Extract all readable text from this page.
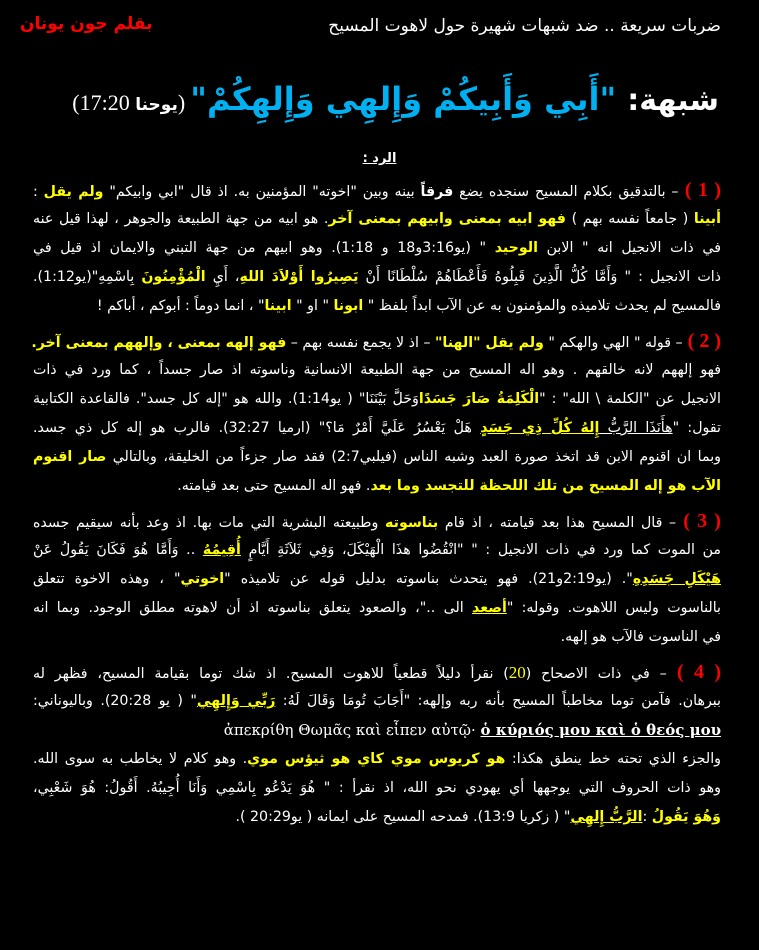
ضربات سريعة .. ضد شبهات شهيرة حول لاهوت المسيح
بقلم جون يونان
شبهة: "أَبِي وَأَبِيكُمْ وَإِلهِي وَإِلهِكُمْ" (يوحنا 17:20)
الرد :
( 1 ) – بالتدقيق بكلام المسيح سنجده يضع فرقاً بينه وبين "اخوته" المؤمنين به. اذ قال "ابي وابيكم" ولم يقل :
أبينا ( جامعاً نفسه بهم ) فهو ابيه بمعنى وابيهم بمعنى آخر. هو ابيه من جهة الطبيعة والجوهر ، لهذا قيل عنه
في ذات الانجيل انه " الابن الوحيد " (يو3:16و18 و 1:18). وهو ابيهم من جهة التبني والايمان اذ قيل في
ذات الانجيل : " وَأَمَّا كُلُّ الَّذِينَ قَبِلُوهُ فَأَعْطَاهُمْ سُلْطَانًا أَنْ يَصِيرُوا أَوْلاَدَ اللهِ، أَيِ الْمُؤْمِنُونَ بِاسْمِهِ"(يو1:12).
فالمسيح لم يحدث تلاميذه والمؤمنون به عن الآب ابداً بلفظ " ابونا " او " ابينا" ، انما دوماً : أبوكم ، أباكم !
( 2 ) – قوله " الهي والهكم " ولم يقل "الهنا" – اذ لا يجمع نفسه بهم – فهو إلهه بمعنى ، وإلههم بمعنى آخر.
فهو إلههم لانه خالقهم . وهو اله المسيح من جهة الطبيعة الانسانية وناسوته اذ صار جسداً ، كما ورد في ذات
الانجيل عن "الكلمة \ الله" : "الْكَلِمَةُ صَارَ جَسَدًاوَحَلَّ بَيْنَنَا" ( يو1:14). والله هو "إله كل جسد". فالقاعدة الكتابية
تقول: "هأَنَذَا الرَّبُّ إِلهُ كُلِّ ذِي جَسَدٍ هَلْ يَعْسُرُ عَلَيَّ أَمْرٌ مَا؟" (ارميا 32:27). فالرب هو إله كل ذي جسد.
وبما ان اقنوم الابن قد اتخذ صورة العبد وشبه الناس (فيلبي2:7) فقد صار جزءاً من الخليقة، وبالتالي صار اقنوم
الآب هو إله المسيح من تلك اللحظة للتجسد وما بعد. فهو اله المسيح حتى بعد قيامته.
( 3 ) – قال المسيح هذا بعد قيامته ، اذ قام بناسوته وطبيعته البشرية التي مات بها. اذ وعد بأنه سيقيم جسده
من الموت كما ورد في ذات الانجيل : " "انْقُضُوا هذَا الْهَيْكَلَ، وَفِي ثَلاَثَةِ أَيَّامٍ أُقِيمُهُ .. وَأَمَّا هُوَ فَكَانَ يَقُولُ عَنْ
هَيْكَلِ جَسَدِهِ". (يو2:19و21). فهو يتحدث بناسوته بدليل قوله عن تلاميذه "اخوتي" ، وهذه الاخوة تتعلق
بالناسوت وليس اللاهوت. وقوله: "أصعد الى .."، والصعود يتعلق بناسوته اذ أن لاهوته مطلق الوجود. وبما انه
في الناسوت فالآب هو إلهه.
( 4 ) – في ذات الاصحاح (20) نقرأ دليلاً قطعياً للاهوت المسيح. اذ شك توما بقيامة المسيح، فظهر له
ببرهان. فآمن توما مخاطباً المسيح بأنه ربه وإلهه: "أَجَابَ تُومَا وَقَالَ لَهُ: رَبِّي وَإِلهِي" ( يو 20:28). وباليوناني:
ἀπεκρίθη Θωμᾶς καὶ εἶπεν αὐτῷ· ὁ κύριός μου καὶ ὁ θεός μου
والجزء الذي تحته خط ينطق هكذا: هو كريوس موي كاي هو ثيؤس موي. وهو كلام لا يخاطب به سوى الله.
وهو ذات الحروف التي يوجهها أي يهودي نحو الله، اذ نقرأ : " هُوَ يَدْعُو بِاسْمِي وَأَنَا أُجِيبُهُ. أَقُولُ: هُوَ شَعْبِي،
وَهُوَ يَقُولُ :الرَّبُّ إِلهِي" ( زكريا 13:9). فمدحه المسيح على ايمانه ( يو20:29 ).
